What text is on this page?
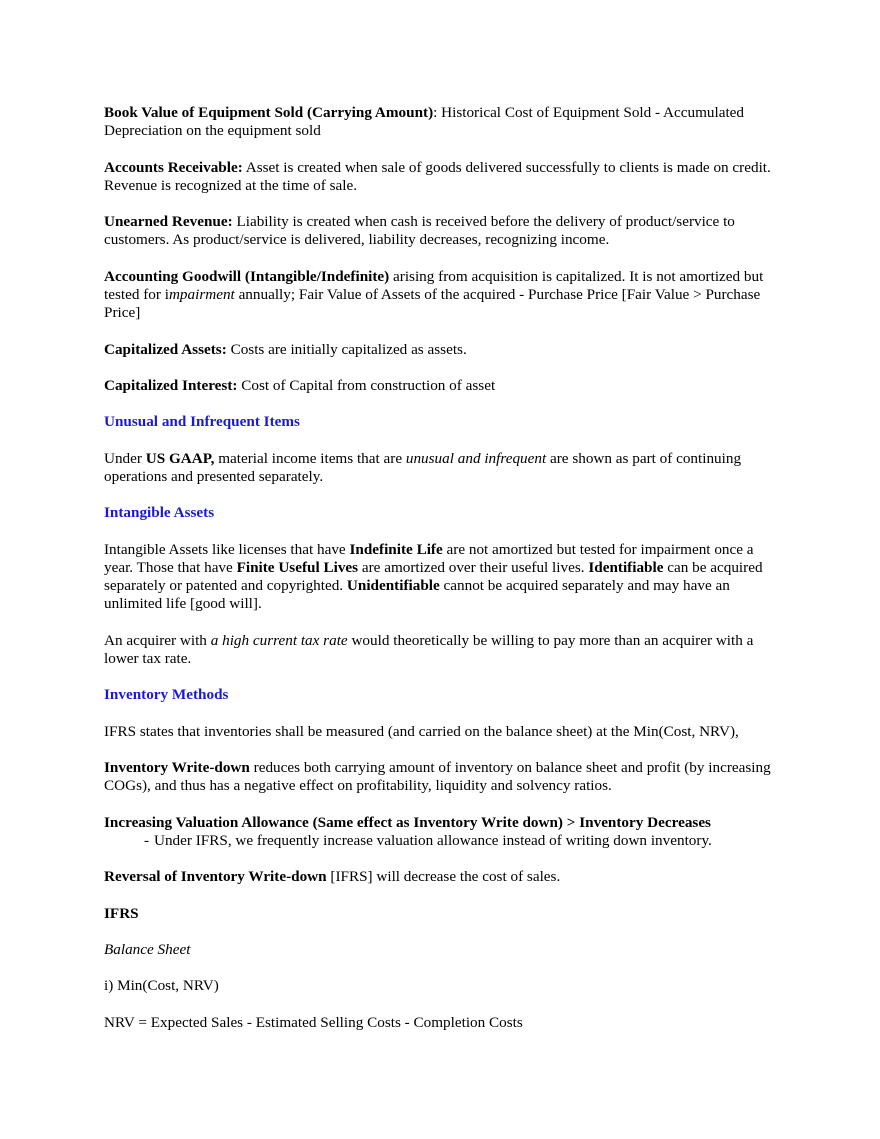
Book Value of Equipment Sold (Carrying Amount): Historical Cost of Equipment Sold - Accumulated Depreciation on the equipment sold

Accounts Receivable: Asset is created when sale of goods delivered successfully to clients is made on credit. Revenue is recognized at the time of sale.

Unearned Revenue: Liability is created when cash is received before the delivery of product/service to customers. As product/service is delivered, liability decreases, recognizing income.

Accounting Goodwill (Intangible/Indefinite) arising from acquisition is capitalized. It is not amortized but tested for impairment annually; Fair Value of Assets of the acquired - Purchase Price [Fair Value > Purchase Price]

Capitalized Assets: Costs are initially capitalized as assets.

Capitalized Interest: Cost of Capital from construction of asset

Unusual and Infrequent Items

Under US GAAP, material income items that are unusual and infrequent are shown as part of continuing operations and presented separately.

Intangible Assets

Intangible Assets like licenses that have Indefinite Life are not amortized but tested for impairment once a year. Those that have Finite Useful Lives are amortized over their useful lives. Identifiable can be acquired separately or patented and copyrighted. Unidentifiable cannot be acquired separately and may have an unlimited life [good will].

An acquirer with a high current tax rate would theoretically be willing to pay more than an acquirer with a lower tax rate.

Inventory Methods

IFRS states that inventories shall be measured (and carried on the balance sheet) at the Min(Cost, NRV),

Inventory Write-down reduces both carrying amount of inventory on balance sheet and profit (by increasing COGs), and thus has a negative effect on profitability, liquidity and solvency ratios.

Increasing Valuation Allowance (Same effect as Inventory Write down) > Inventory Decreases

- Under IFRS, we frequently increase valuation allowance instead of writing down inventory.

Reversal of Inventory Write-down [IFRS] will decrease the cost of sales.

IFRS

Balance Sheet

i) Min(Cost, NRV)

NRV = Expected Sales - Estimated Selling Costs - Completion Costs
